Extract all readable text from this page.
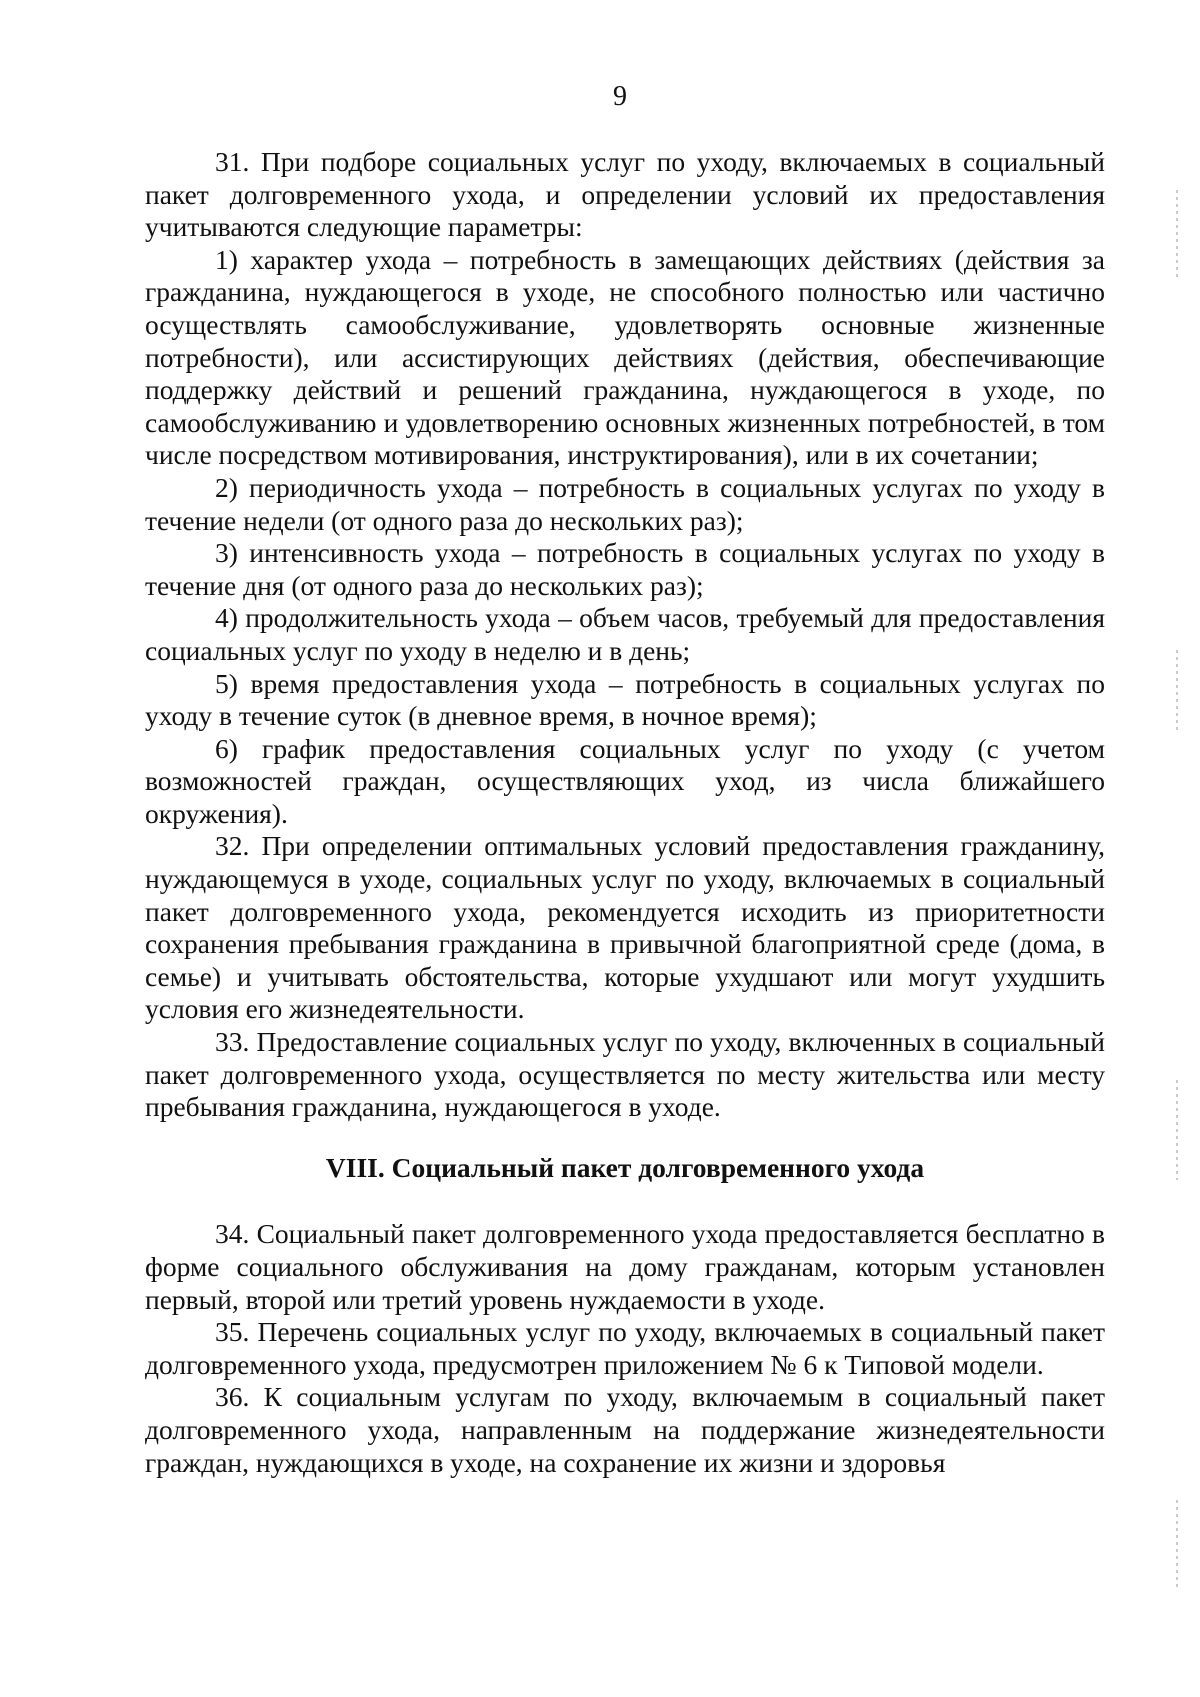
9

31. При подборе социальных услуг по уходу, включаемых в социальный пакет долговременного ухода, и определении условий их предоставления учитываются следующие параметры:

1) характер ухода – потребность в замещающих действиях (действия за гражданина, нуждающегося в уходе, не способного полностью или частично осуществлять самообслуживание, удовлетворять основные жизненные потребности), или ассистирующих действиях (действия, обеспечивающие поддержку действий и решений гражданина, нуждающегося в уходе, по самообслуживанию и удовлетворению основных жизненных потребностей, в том числе посредством мотивирования, инструктирования), или в их сочетании;

2) периодичность ухода – потребность в социальных услугах по уходу в течение недели (от одного раза до нескольких раз);

3) интенсивность ухода – потребность в социальных услугах по уходу в течение дня (от одного раза до нескольких раз);

4) продолжительность ухода – объем часов, требуемый для предоставления социальных услуг по уходу в неделю и в день;

5) время предоставления ухода – потребность в социальных услугах по уходу в течение суток (в дневное время, в ночное время);

6) график предоставления социальных услуг по уходу (с учетом возможностей граждан, осуществляющих уход, из числа ближайшего окружения).

32. При определении оптимальных условий предоставления гражданину, нуждающемуся в уходе, социальных услуг по уходу, включаемых в социальный пакет долговременного ухода, рекомендуется исходить из приоритетности сохранения пребывания гражданина в привычной благоприятной среде (дома, в семье) и учитывать обстоятельства, которые ухудшают или могут ухудшить условия его жизнедеятельности.

33. Предоставление социальных услуг по уходу, включенных в социальный пакет долговременного ухода, осуществляется по месту жительства или месту пребывания гражданина, нуждающегося в уходе.

VIII. Социальный пакет долговременного ухода

34. Социальный пакет долговременного ухода предоставляется бесплатно в форме социального обслуживания на дому гражданам, которым установлен первый, второй или третий уровень нуждаемости в уходе.

35. Перечень социальных услуг по уходу, включаемых в социальный пакет долговременного ухода, предусмотрен приложением № 6 к Типовой модели.

36. К социальным услугам по уходу, включаемым в социальный пакет долговременного ухода, направленным на поддержание жизнедеятельности граждан, нуждающихся в уходе, на сохранение их жизни и здоровья
